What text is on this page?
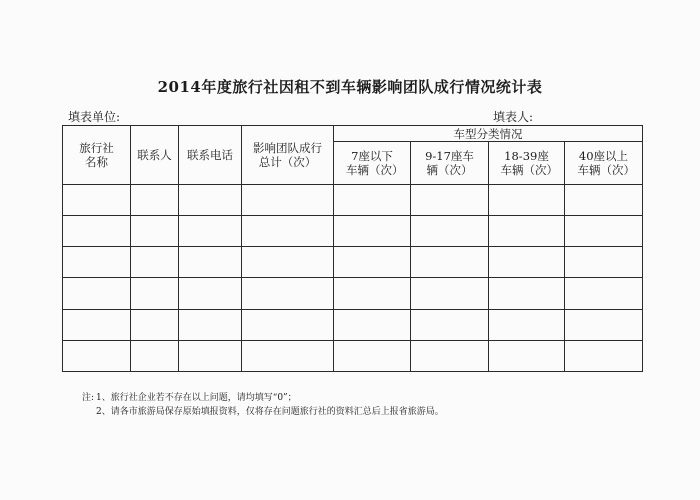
2014年度旅行社因租不到车辆影响团队成行情况统计表
填表单位:	填表人:
旅行社名称	联系人	联系电话	影响团队成行总计（次）	车型分类情况			
				7座以下车辆（次）	9-17座车辆（次）	18-39座车辆（次）	40座以上车辆（次）

注: 1、旅行社企业若不存在以上问题，请均填写“0”；
2、请各市旅游局保存原始填报资料，仅将存在问题旅行社的资料汇总后上报省旅游局。
